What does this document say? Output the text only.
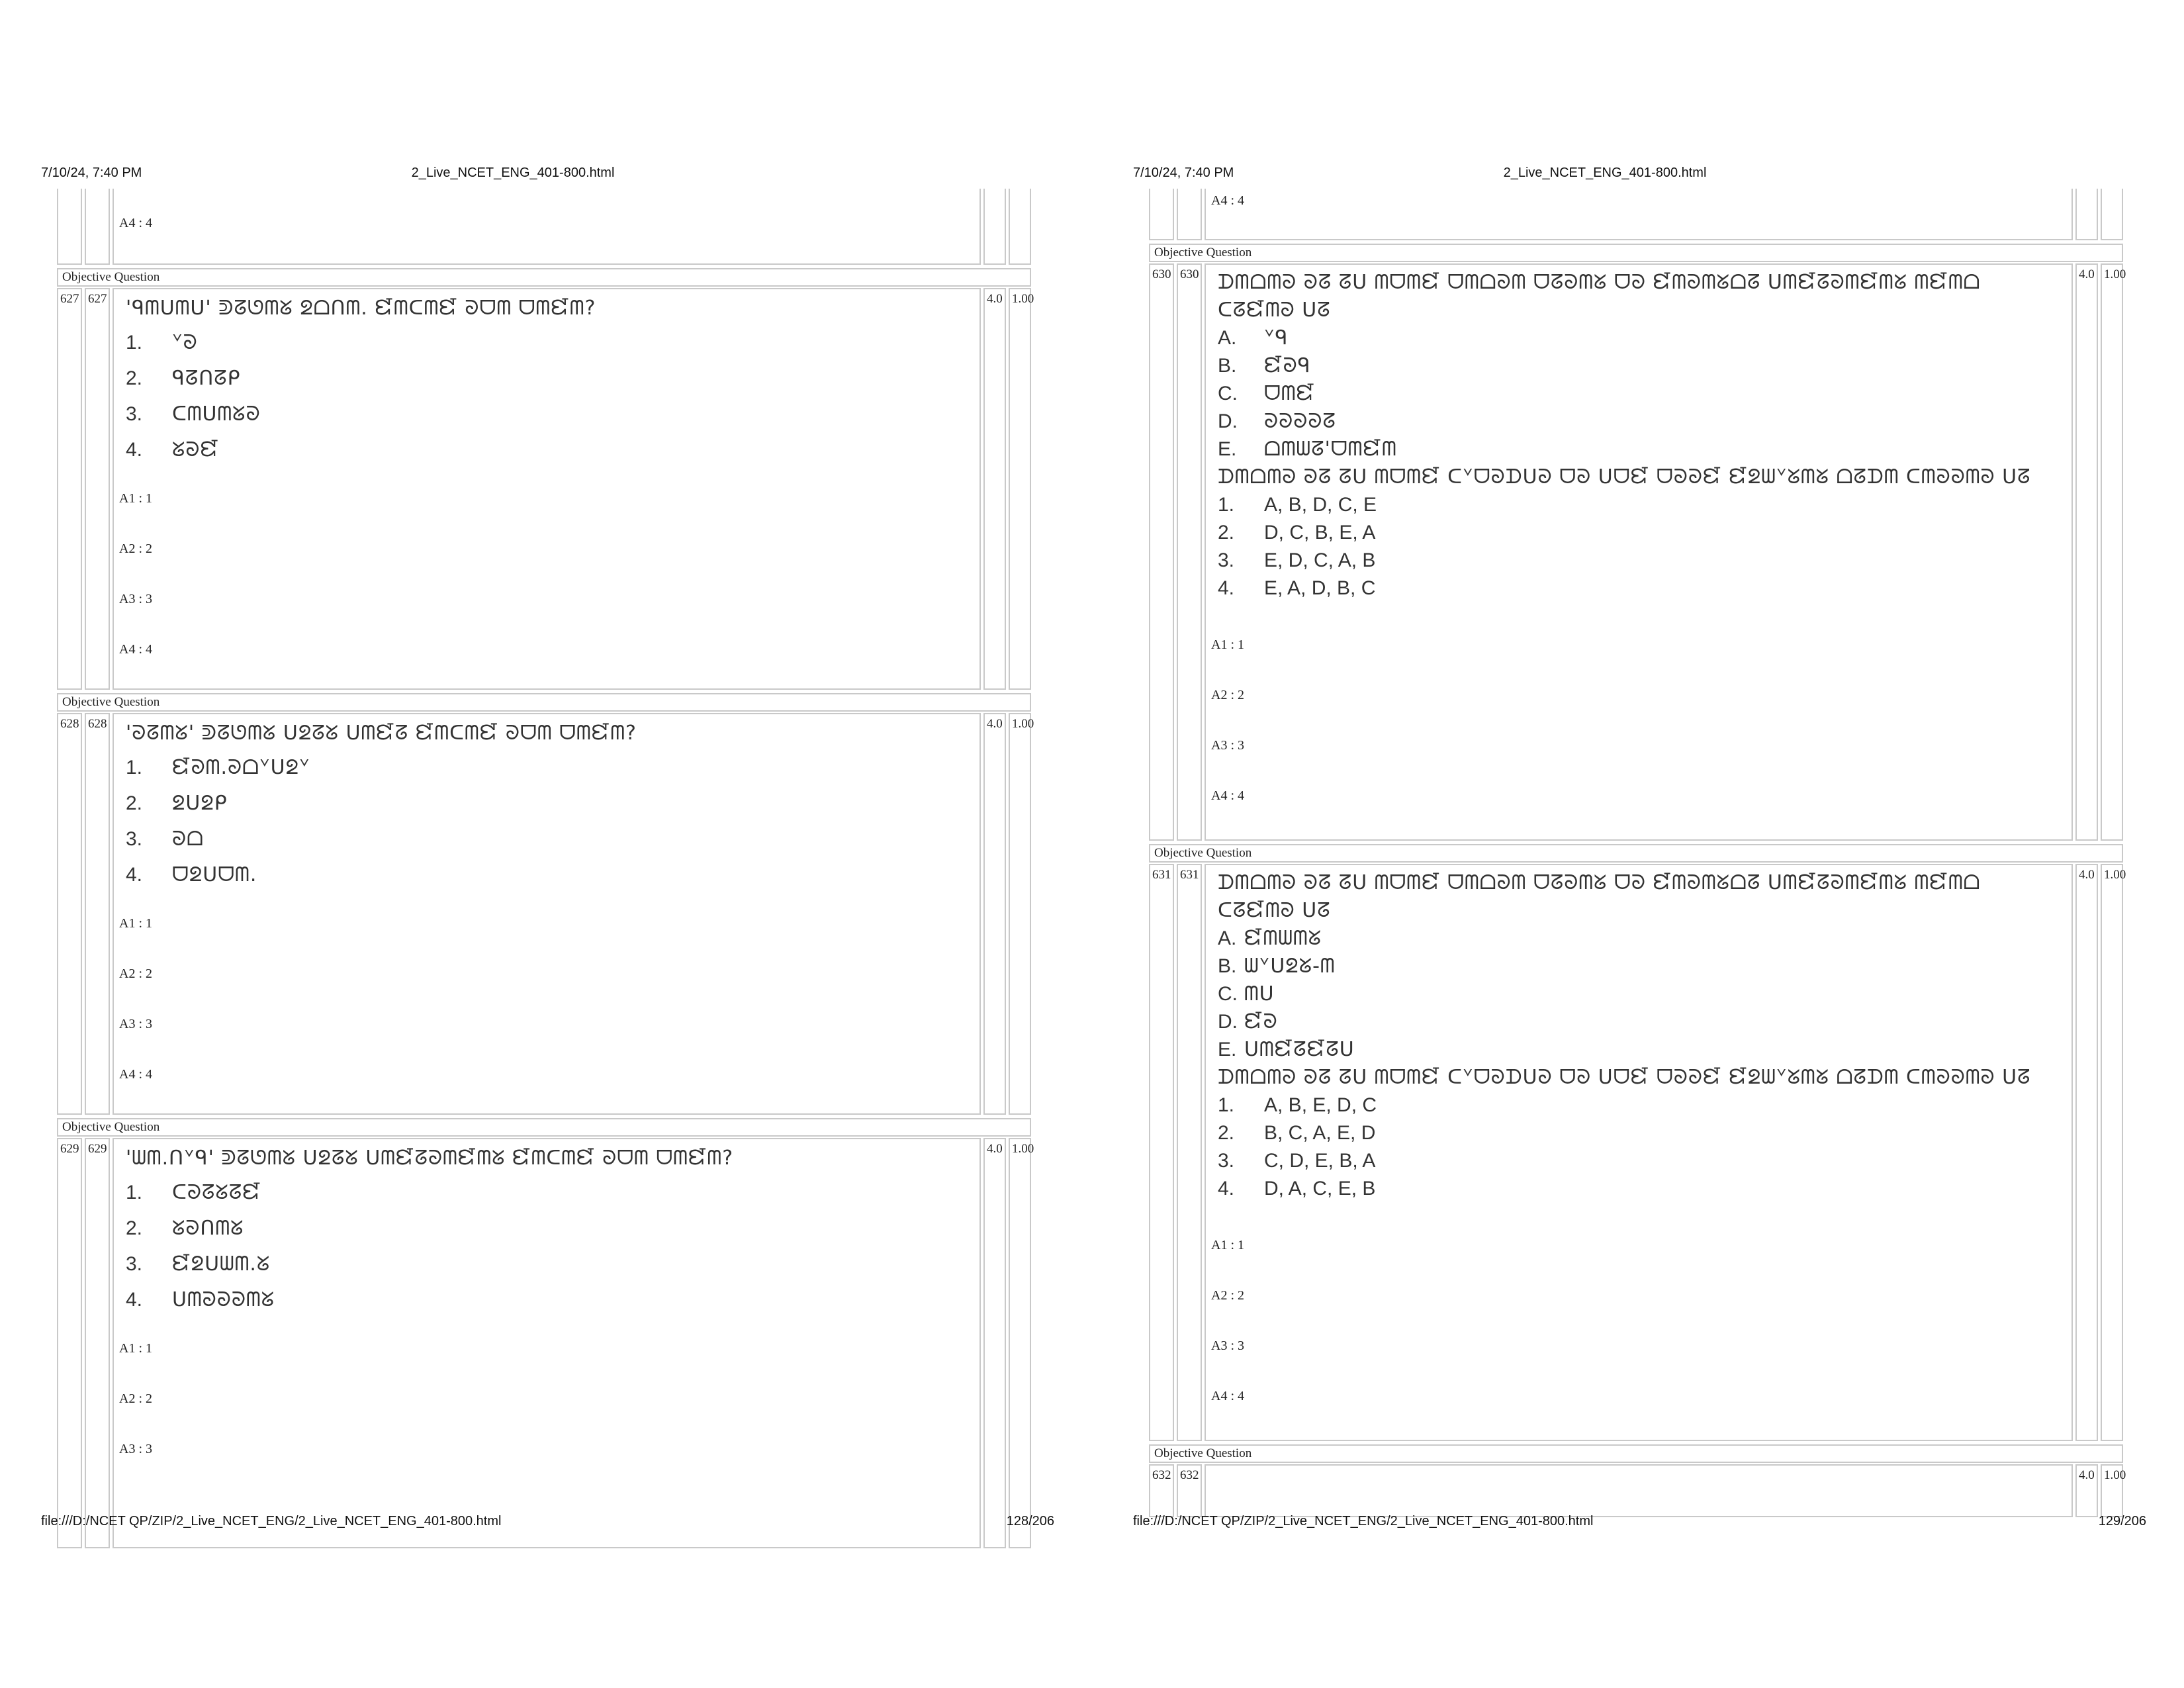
7/10/24, 7:40 PM	2_Live_NCET_ENG_401-800.html
A4 : 4
Objective Question
627 627 'ᑫᗰᑌᗰᑌ' ᕲᘔᘎᗰᘜ ᘖᗝᑎᗰ. ᘿᗰᑕᗰᘿ ᘐᗜᗰ ᗜᗰᘿᗰ?
1.	ᘁᘐ
2.	ᑫᘔᑎᘔᑭ
3.	ᑕᗰᑌᗰᘜᘐ
4.	ᘜᘐᘿ
A1 : 1
A2 : 2
A3 : 3
A4 : 4
4.0 1.00
Objective Question
628 628 'ᘐᘔᗰᘜ' ᕲᘔᘎᗰᘜ ᑌᘖᘔᘜ ᑌᗰᘿᘔ ᘿᗰᑕᗰᘿ ᘐᗜᗰ ᗜᗰᘿᗰ?
1.	ᘿᘐᗰ.ᘐᗝᘁᑌᘖᘁ
2.	ᘖᑌᘖᑭ
3.	ᘐᗝ
4.	ᗜᘖᑌᗜᗰ.
A1 : 1
A2 : 2
A3 : 3
A4 : 4
4.0 1.00
Objective Question
629 629 'ᗯᗰ.ᑎᘁᑫ' ᕲᘔᘎᗰᘜ ᑌᘖᘔᘜ ᑌᗰᘿᘔᘐᗰᘿᗰᘜ ᘿᗰᑕᗰᘿ ᘐᗜᗰ ᗜᗰᘿᗰ?
1.	ᑕᘐᘔᘜᘔᘿ
2.	ᘜᘐᑎᗰᘜ
3.	ᘿᘖᑌᗯᗰ.ᘜ
4.	ᑌᗰᘐᘐᘐᗰᘜ
A1 : 1
A2 : 2
A3 : 3
4.0 1.00
file:///D:/NCET QP/ZIP/2_Live_NCET_ENG/2_Live_NCET_ENG_401-800.html	128/206
7/10/24, 7:40 PM	2_Live_NCET_ENG_401-800.html
A4 : 4
Objective Question
630 630 ᗪᗰᗝᗰᘐ ᘐᘔ ᘔᑌ ᗰᗜᗰᘿ ᗜᗰᗝᘐᗰ ᗜᘔᘐᗰᘜ ᗜᘐ ᘿᗰᘐᗰᘜᗝᘔ ᑌᗰᘿᘔᘐᗰᘿᗰᘜ ᗰᘿᗰᗝ
ᑕᘔᘿᗰᘐ ᑌᘔ
A.	ᘁᑫ
B.	ᘿᘐᑫ
C.	ᗜᗰᘿ
D.	ᘐᘐᘐᘐᘔ
E.	ᗝᗰᗯᘔ'ᗜᗰᘿᗰ
ᗪᗰᗝᗰᘐ ᘐᘔ ᘔᑌ ᗰᗜᗰᘿ ᑕᘁᗜᘐᗪᑌᘐ ᗜᘐ ᑌᗜᘿ ᗜᘐᘐᘿ ᘿᘖᗯᘁᘜᗰᘜ ᗝᘔᗪᗰ ᑕᗰᘐᘐᗰᘐ ᑌᘔ
1.	A, B, D, C, E
2.	D, C, B, E, A
3.	E, D, C, A, B
4.	E, A, D, B, C
A1 : 1
A2 : 2
A3 : 3
A4 : 4
4.0 1.00
Objective Question
631 631 ᗪᗰᗝᗰᘐ ᘐᘔ ᘔᑌ ᗰᗜᗰᘿ ᗜᗰᗝᘐᗰ ᗜᘔᘐᗰᘜ ᗜᘐ ᘿᗰᘐᗰᘜᗝᘔ ᑌᗰᘿᘔᘐᗰᘿᗰᘜ ᗰᘿᗰᗝ
ᑕᘔᘿᗰᘐ ᑌᘔ
A. ᘿᗰᗯᗰᘜ
B. ᗯᘁᑌᘖᘜ-ᗰ
C. ᗰᑌ
D. ᘿᘐ
E. ᑌᗰᘿᘔᘿᘔᑌ
ᗪᗰᗝᗰᘐ ᘐᘔ ᘔᑌ ᗰᗜᗰᘿ ᑕᘁᗜᘐᗪᑌᘐ ᗜᘐ ᑌᗜᘿ ᗜᘐᘐᘿ ᘿᘖᗯᘁᘜᗰᘜ ᗝᘔᗪᗰ ᑕᗰᘐᘐᗰᘐ ᑌᘔ
1.	A, B, E, D, C
2.	B, C, A, E, D
3.	C, D, E, B, A
4.	D, A, C, E, B
A1 : 1
A2 : 2
A3 : 3
A4 : 4
4.0 1.00
Objective Question
632 632	4.0 1.00
file:///D:/NCET QP/ZIP/2_Live_NCET_ENG/2_Live_NCET_ENG_401-800.html	129/206
